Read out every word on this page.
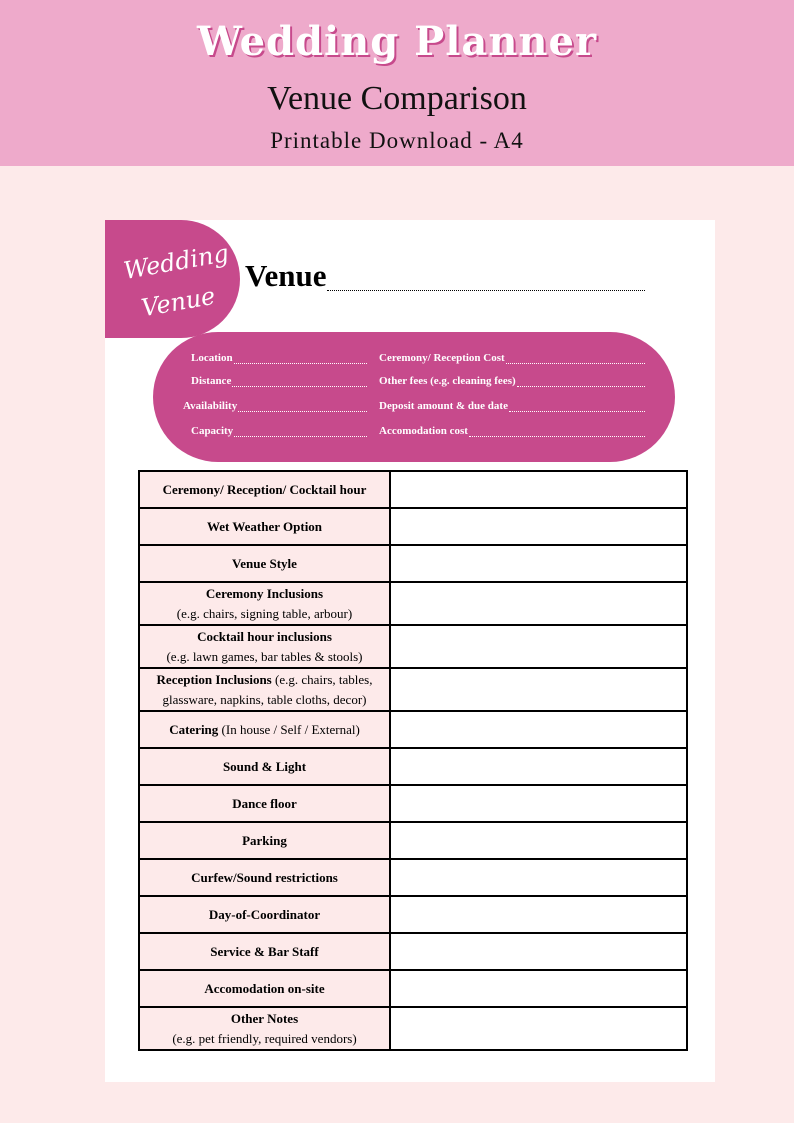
Wedding Planner
Venue Comparison
Printable Download - A4
Wedding
Venue
Venue
Location
Distance
Availability
Capacity
Ceremony/ Reception Cost
Other fees (e.g. cleaning fees)
Deposit amount & due date
Accomodation cost
Ceremony/ Reception/ Cocktail hour	
Wet Weather Option	
Venue Style	
Ceremony Inclusions
(e.g. chairs, signing table, arbour)	
Cocktail hour inclusions
(e.g. lawn games, bar tables & stools)	
Reception Inclusions (e.g. chairs, tables, glassware, napkins, table cloths, decor)	
Catering (In house / Self / External)	
Sound & Light	
Dance floor	
Parking	
Curfew/Sound restrictions	
Day-of-Coordinator	
Service & Bar Staff	
Accomodation on-site	
Other Notes
(e.g. pet friendly, required vendors)	
